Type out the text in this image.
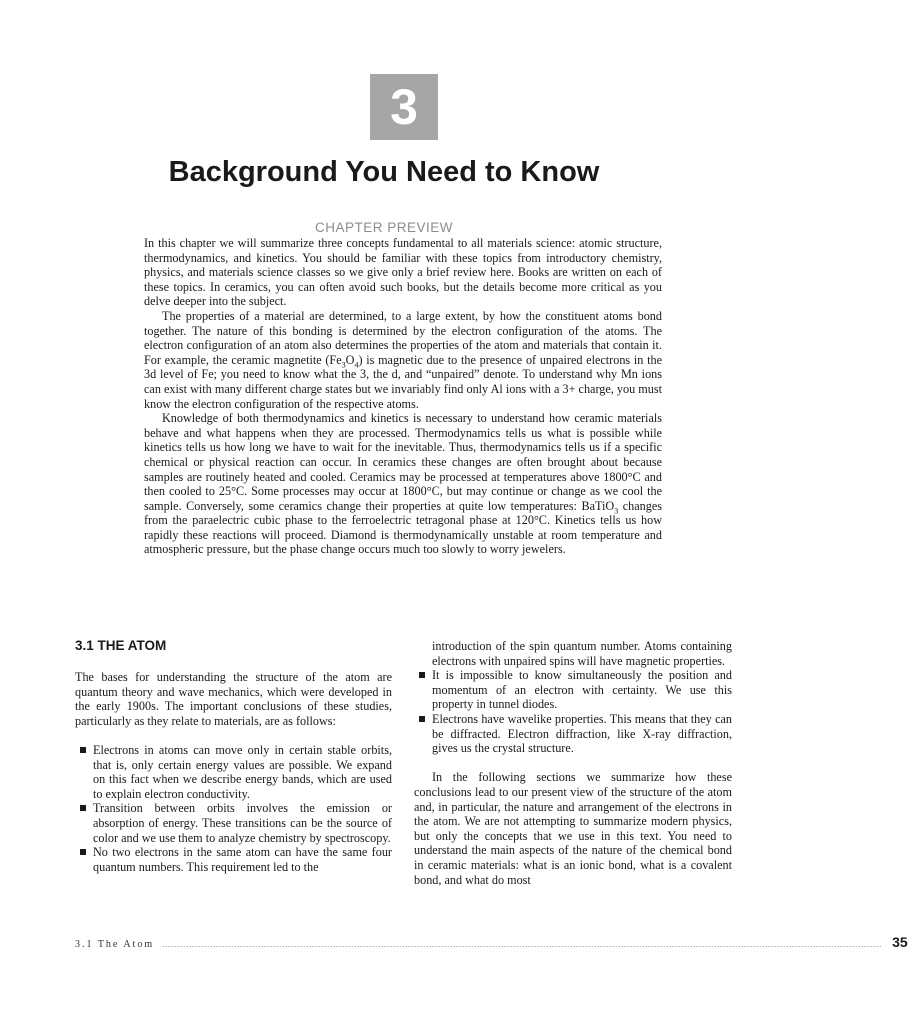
3
Background You Need to Know
CHAPTER PREVIEW

In this chapter we will summarize three concepts fundamental to all materials science: atomic structure, thermodynamics, and kinetics. You should be familiar with these topics from introductory chemistry, physics, and materials science classes so we give only a brief review here. Books are written on each of these topics. In ceramics, you can often avoid such books, but the details become more critical as you delve deeper into the subject.

The properties of a material are determined, to a large extent, by how the constituent atoms bond together. The nature of this bonding is determined by the electron configuration of the atoms. The electron configuration of an atom also determines the properties of the atom and materials that contain it. For example, the ceramic magnetite $(Fe_3O_4)$ is magnetic due to the presence of unpaired electrons in the 3d level of Fe; you need to know what the 3, the d, and “unpaired” denote. To understand why Mn ions can exist with many different charge states but we invariably find only Al ions with a 3+ charge, you must know the electron configuration of the respective atoms.

Knowledge of both thermodynamics and kinetics is necessary to understand how ceramic materials behave and what happens when they are processed. Thermodynamics tells us what is possible while kinetics tells us how long we have to wait for the inevitable. Thus, thermodynamics tells us if a specific chemical or physical reaction can occur. In ceramics these changes are often brought about because samples are routinely heated and cooled. Ceramics may be processed at temperatures above 1800°C and then cooled to 25°C. Some processes may occur at 1800°C, but may continue or change as we cool the sample. Conversely, some ceramics change their properties at quite low temperatures: BaTiO$_3$ changes from the paraelectric cubic phase to the ferroelectric tetragonal phase at 120°C. Kinetics tells us how rapidly these reactions will proceed. Diamond is thermodynamically unstable at room temperature and atmospheric pressure, but the phase change occurs much too slowly to worry jewelers.

3.1 THE ATOM

The bases for understanding the structure of the atom are quantum theory and wave mechanics, which were developed in the early 1900s. The important conclusions of these studies, particularly as they relate to materials, are as follows:

Electrons in atoms can move only in certain stable orbits, that is, only certain energy values are possible. We expand on this fact when we describe energy bands, which are used to explain electron conductivity.
Transition between orbits involves the emission or absorption of energy. These transitions can be the source of color and we use them to analyze chemistry by spectroscopy.
No two electrons in the same atom can have the same four quantum numbers. This requirement led to the
introduction of the spin quantum number. Atoms containing electrons with unpaired spins will have magnetic properties.
It is impossible to know simultaneously the position and momentum of an electron with certainty. We use this property in tunnel diodes.
Electrons have wavelike properties. This means that they can be diffracted. Electron diffraction, like X-ray diffraction, gives us the crystal structure.

In the following sections we summarize how these conclusions lead to our present view of the structure of the atom and, in particular, the nature and arrangement of the electrons in the atom. We are not attempting to summarize modern physics, but only the concepts that we use in this text. You need to understand the main aspects of the nature of the chemical bond in ceramic materials: what is an ionic bond, what is a covalent bond, and what do most

3.1 The Atom ................................................................................................................................................................................................................................................ 35
